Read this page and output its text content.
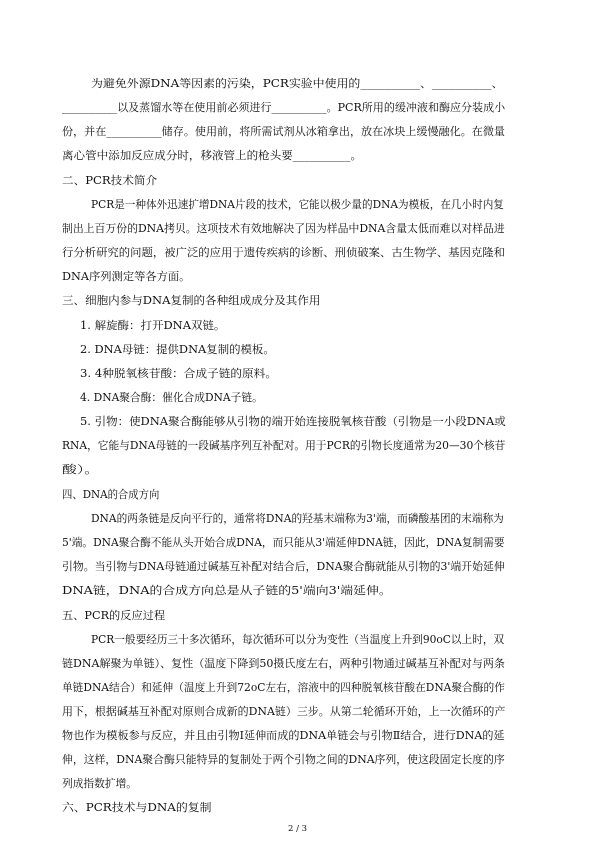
为避免外源DNA等因素的污染，PCR实验中使用的__________、__________、
__________以及蒸馏水等在使用前必须进行__________。PCR所用的缓冲液和酶应分装成小
份，并在__________储存。使用前，将所需试剂从冰箱拿出，放在冰块上缓慢融化。在微量
离心管中添加反应成分时，移液管上的枪头要__________。
二、PCR技术简介
PCR是一种体外迅速扩增DNA片段的技术，它能以极少量的DNA为模板，在几小时内复
制出上百万份的DNA拷贝。这项技术有效地解决了因为样品中DNA含量太低而难以对样品进
行分析研究的问题，被广泛的应用于遗传疾病的诊断、刑侦破案、古生物学、基因克隆和
DNA序列测定等各方面。
三、细胞内参与DNA复制的各种组成成分及其作用
1. 解旋酶：打开DNA双链。
2. DNA母链：提供DNA复制的模板。
3. 4种脱氧核苷酸：合成子链的原料。
4. DNA聚合酶：催化合成DNA子链。
5. 引物：使DNA聚合酶能够从引物的端开始连接脱氧核苷酸（引物是一小段DNA或
RNA，它能与DNA母链的一段碱基序列互补配对。用于PCR的引物长度通常为20—30个核苷
酸）。
四、DNA的合成方向
DNA的两条链是反向平行的，通常将DNA的羟基末端称为3'端，而磷酸基团的末端称为
5'端。DNA聚合酶不能从头开始合成DNA，而只能从3'端延伸DNA链，因此，DNA复制需要
引物。当引物与DNA母链通过碱基互补配对结合后，DNA聚合酶就能从引物的3'端开始延伸
DNA链，DNA的合成方向总是从子链的5'端向3'端延伸。
五、PCR的反应过程
PCR一般要经历三十多次循环，每次循环可以分为变性（当温度上升到90oC以上时，双
链DNA解聚为单链）、复性（温度下降到50摄氏度左右，两种引物通过碱基互补配对与两条
单链DNA结合）和延伸（温度上升到72oC左右，溶液中的四种脱氧核苷酸在DNA聚合酶的作
用下，根据碱基互补配对原则合成新的DNA链）三步。从第二轮循环开始，上一次循环的产
物也作为模板参与反应，并且由引物Ⅰ延伸而成的DNA单链会与引物Ⅱ结合，进行DNA的延
伸，这样，DNA聚合酶只能特异的复制处于两个引物之间的DNA序列，使这段固定长度的序
列成指数扩增。
六、PCR技术与DNA的复制
2 / 3
